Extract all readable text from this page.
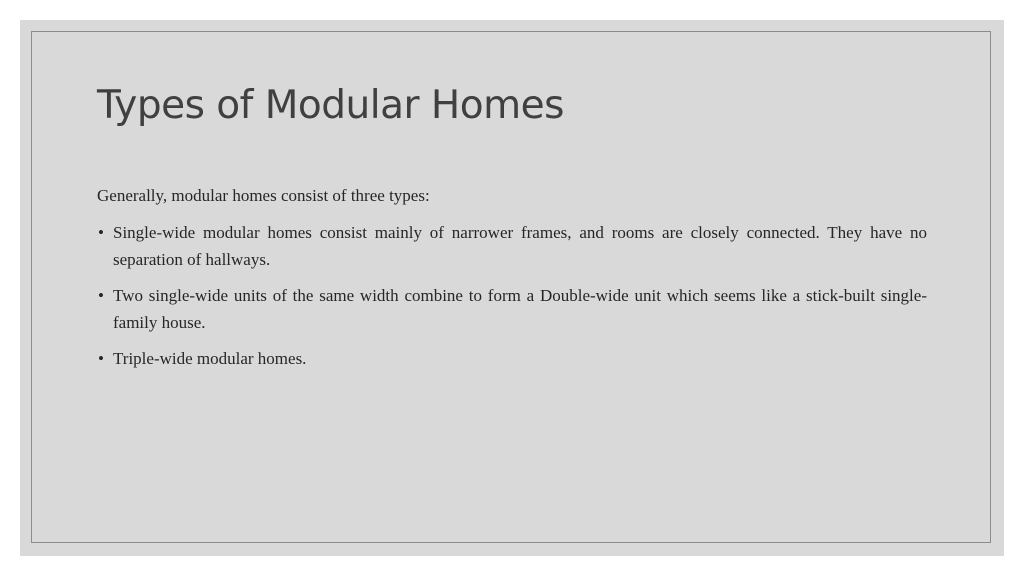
Types of Modular Homes

Generally, modular homes consist of three types:

• Single-wide modular homes consist mainly of narrower frames, and rooms are closely connected. They have no separation of hallways.
• Two single-wide units of the same width combine to form a Double-wide unit which seems like a stick-built single-family house.
• Triple-wide modular homes.
